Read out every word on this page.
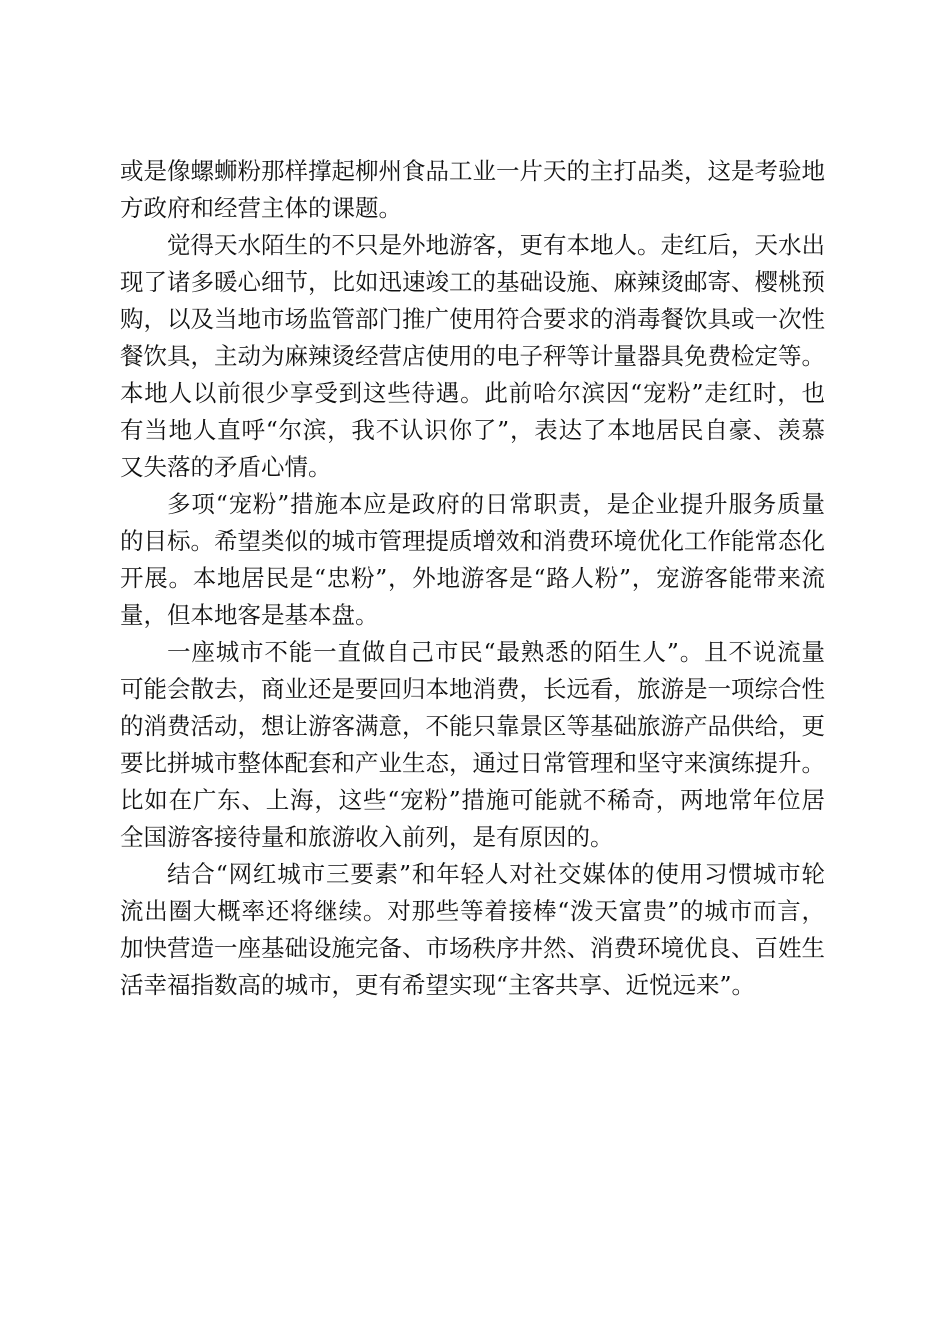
或是像螺蛳粉那样撑起柳州食品工业一片天的主打品类，这是考验地方政府和经营主体的课题。

觉得天水陌生的不只是外地游客，更有本地人。走红后，天水出现了诸多暖心细节，比如迅速竣工的基础设施、麻辣烫邮寄、樱桃预购，以及当地市场监管部门推广使用符合要求的消毒餐饮具或一次性餐饮具，主动为麻辣烫经营店使用的电子秤等计量器具免费检定等。本地人以前很少享受到这些待遇。此前哈尔滨因“宠粉”走红时，也有当地人直呼“尔滨，我不认识你了”，表达了本地居民自豪、羡慕又失落的矛盾心情。

多项“宠粉”措施本应是政府的日常职责，是企业提升服务质量的目标。希望类似的城市管理提质增效和消费环境优化工作能常态化开展。本地居民是“忠粉”，外地游客是“路人粉”，宠游客能带来流量，但本地客是基本盘。

一座城市不能一直做自己市民“最熟悉的陌生人”。且不说流量可能会散去，商业还是要回归本地消费，长远看，旅游是一项综合性的消费活动，想让游客满意，不能只靠景区等基础旅游产品供给，更要比拼城市整体配套和产业生态，通过日常管理和坚守来演练提升。比如在广东、上海，这些“宠粉”措施可能就不稀奇，两地常年位居全国游客接待量和旅游收入前列，是有原因的。

结合“网红城市三要素”和年轻人对社交媒体的使用习惯城市轮流出圈大概率还将继续。对那些等着接棒“泼天富贵”的城市而言，加快营造一座基础设施完备、市场秩序井然、消费环境优良、百姓生活幸福指数高的城市，更有希望实现“主客共享、近悦远来”。
